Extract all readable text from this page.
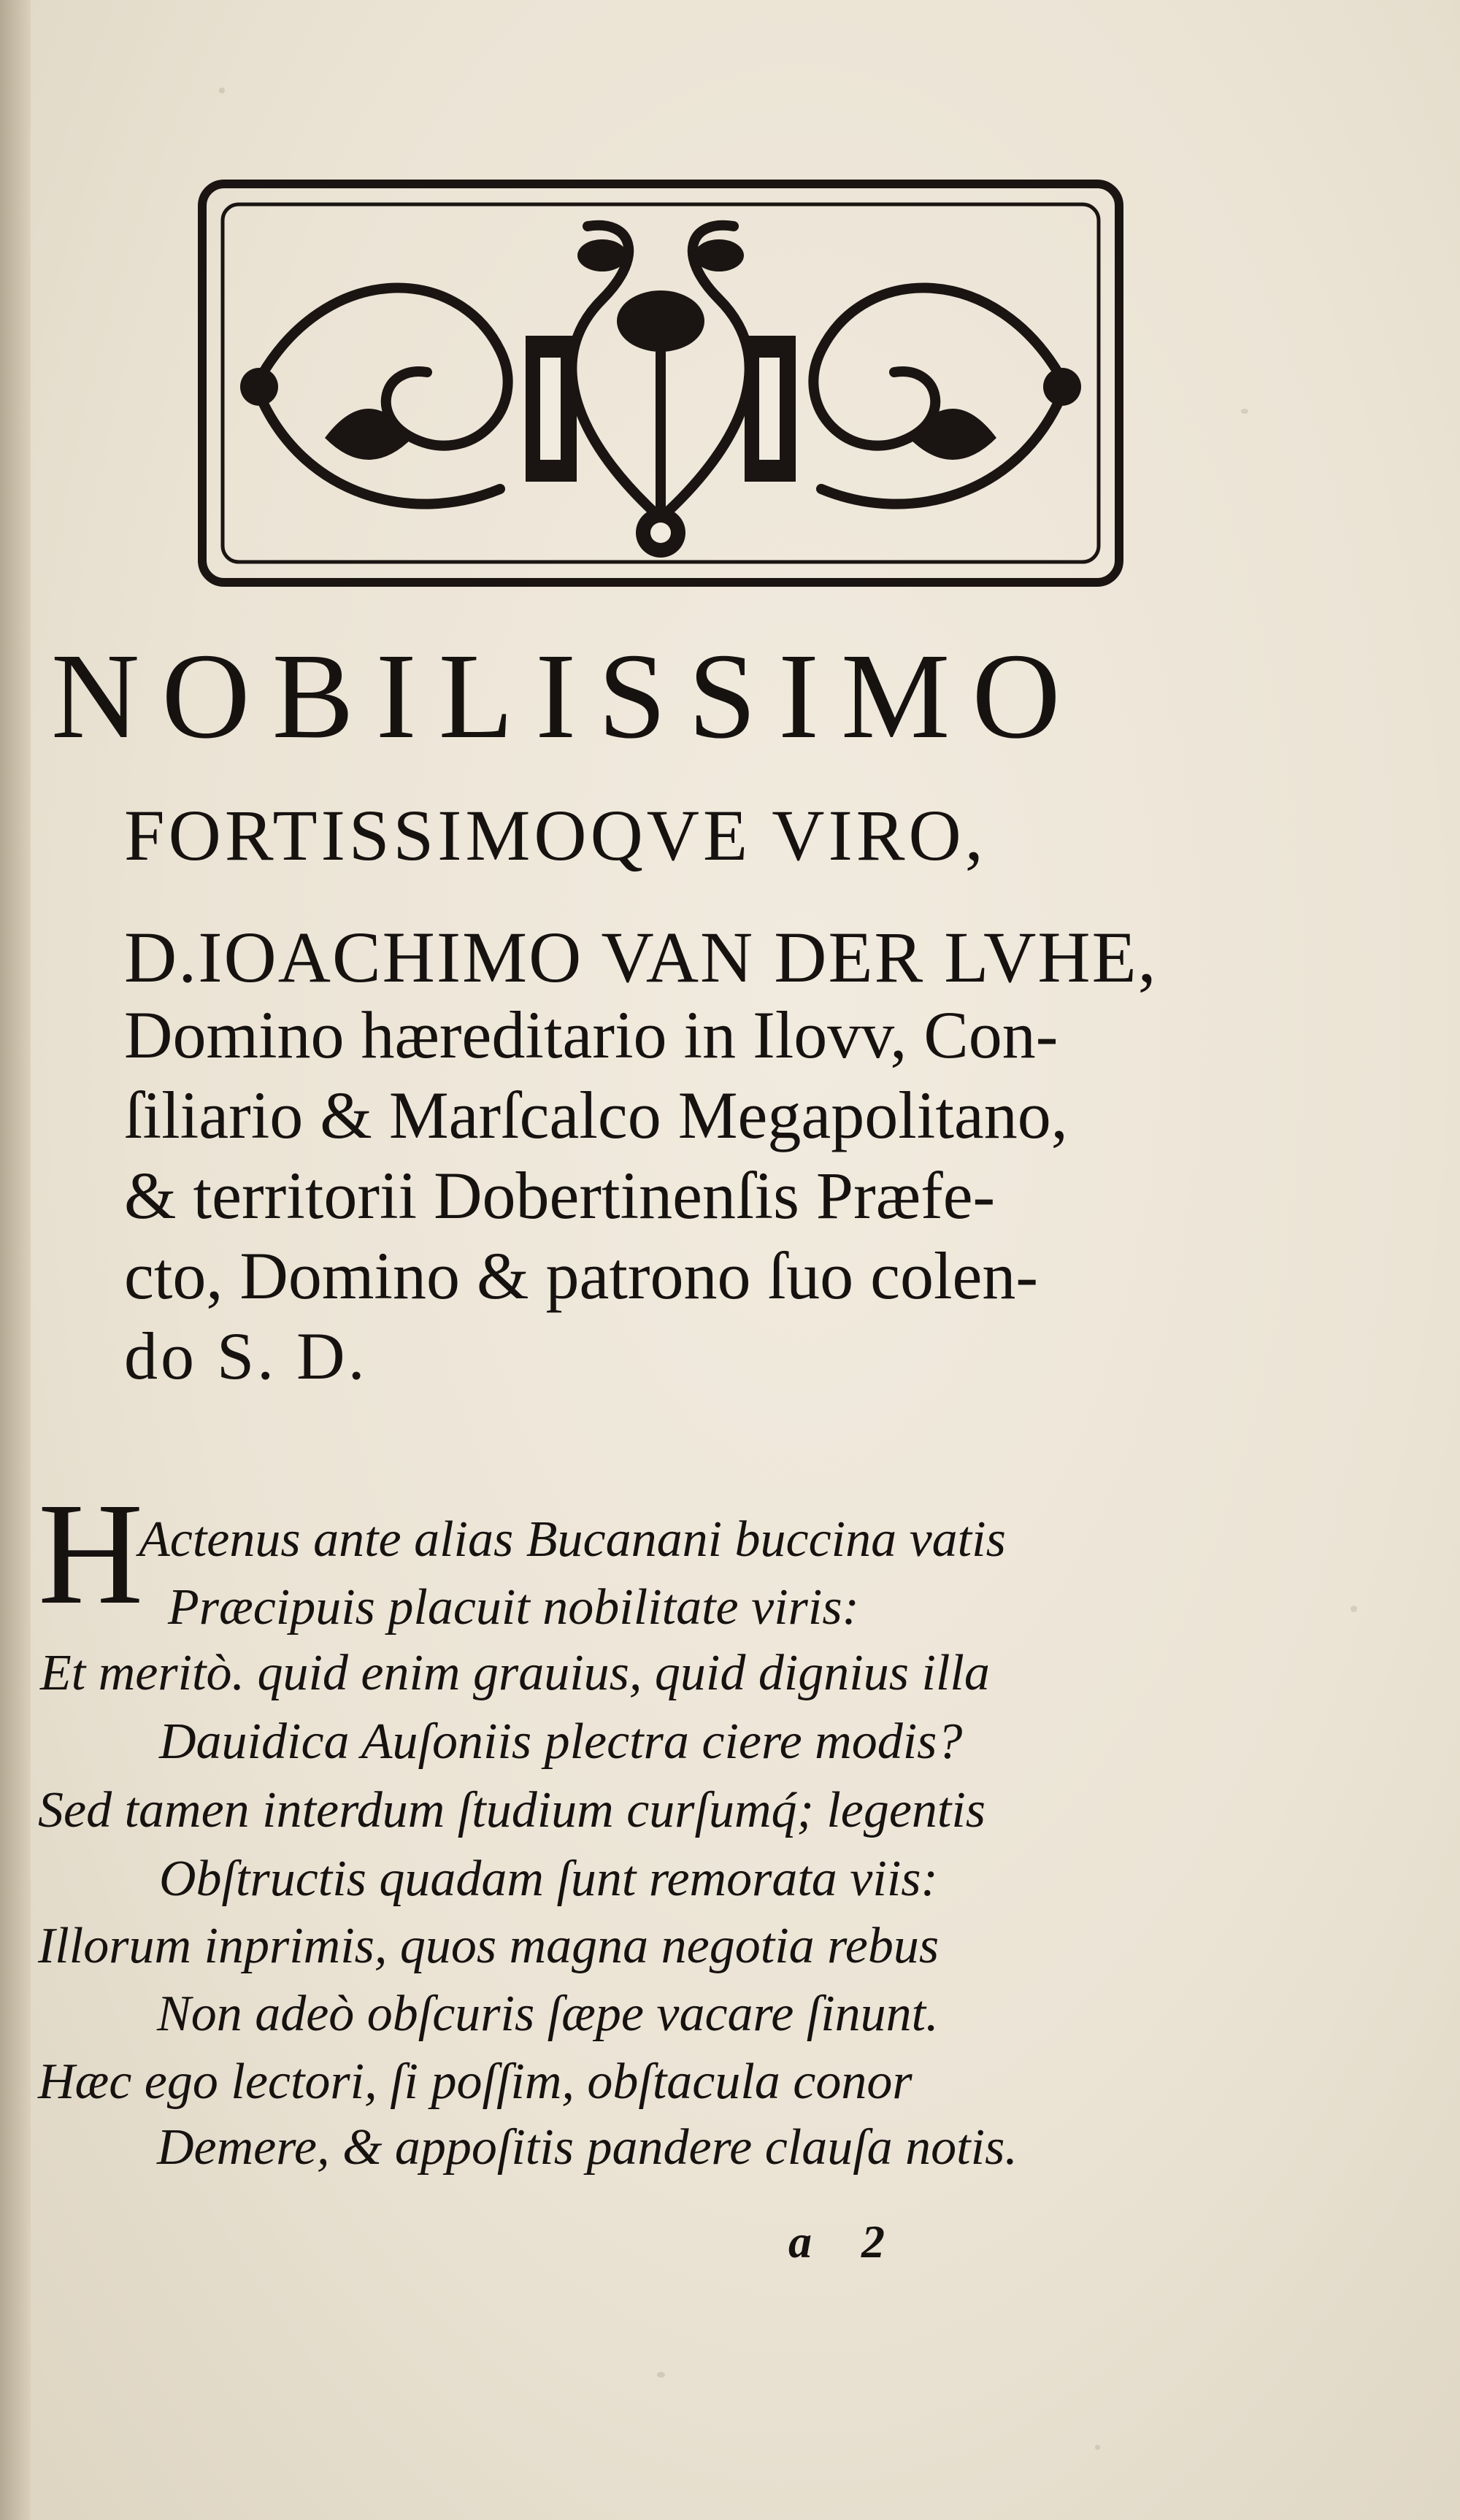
NOBILISSIMO
FORTISSIMOQVE VIRO,
D.IOACHIMO VAN DER LVHE,
Domino hæreditario in Ilovv, Con-
ſiliario & Marſcalco Megapolitano,
& territorii Dobertinenſis Præfe-
cto, Domino & patrono ſuo colen-
do S. D.
H
Actenus ante alias Bucanani buccina vatis
Præcipuis placuit nobilitate viris:
Et meritò. quid enim grauius, quid dignius illa
Dauidica Auſoniis plectra ciere modis?
Sed tamen interdum ſtudium curſumq́; legentis
Obſtructis quadam ſunt remorata viis:
Illorum inprimis, quos magna negotia rebus
Non adeò obſcuris ſæpe vacare ſinunt.
Hæc ego lectori, ſi poſſim, obſtacula conor
Demere, & appoſitis pandere clauſa notis.
a 2
